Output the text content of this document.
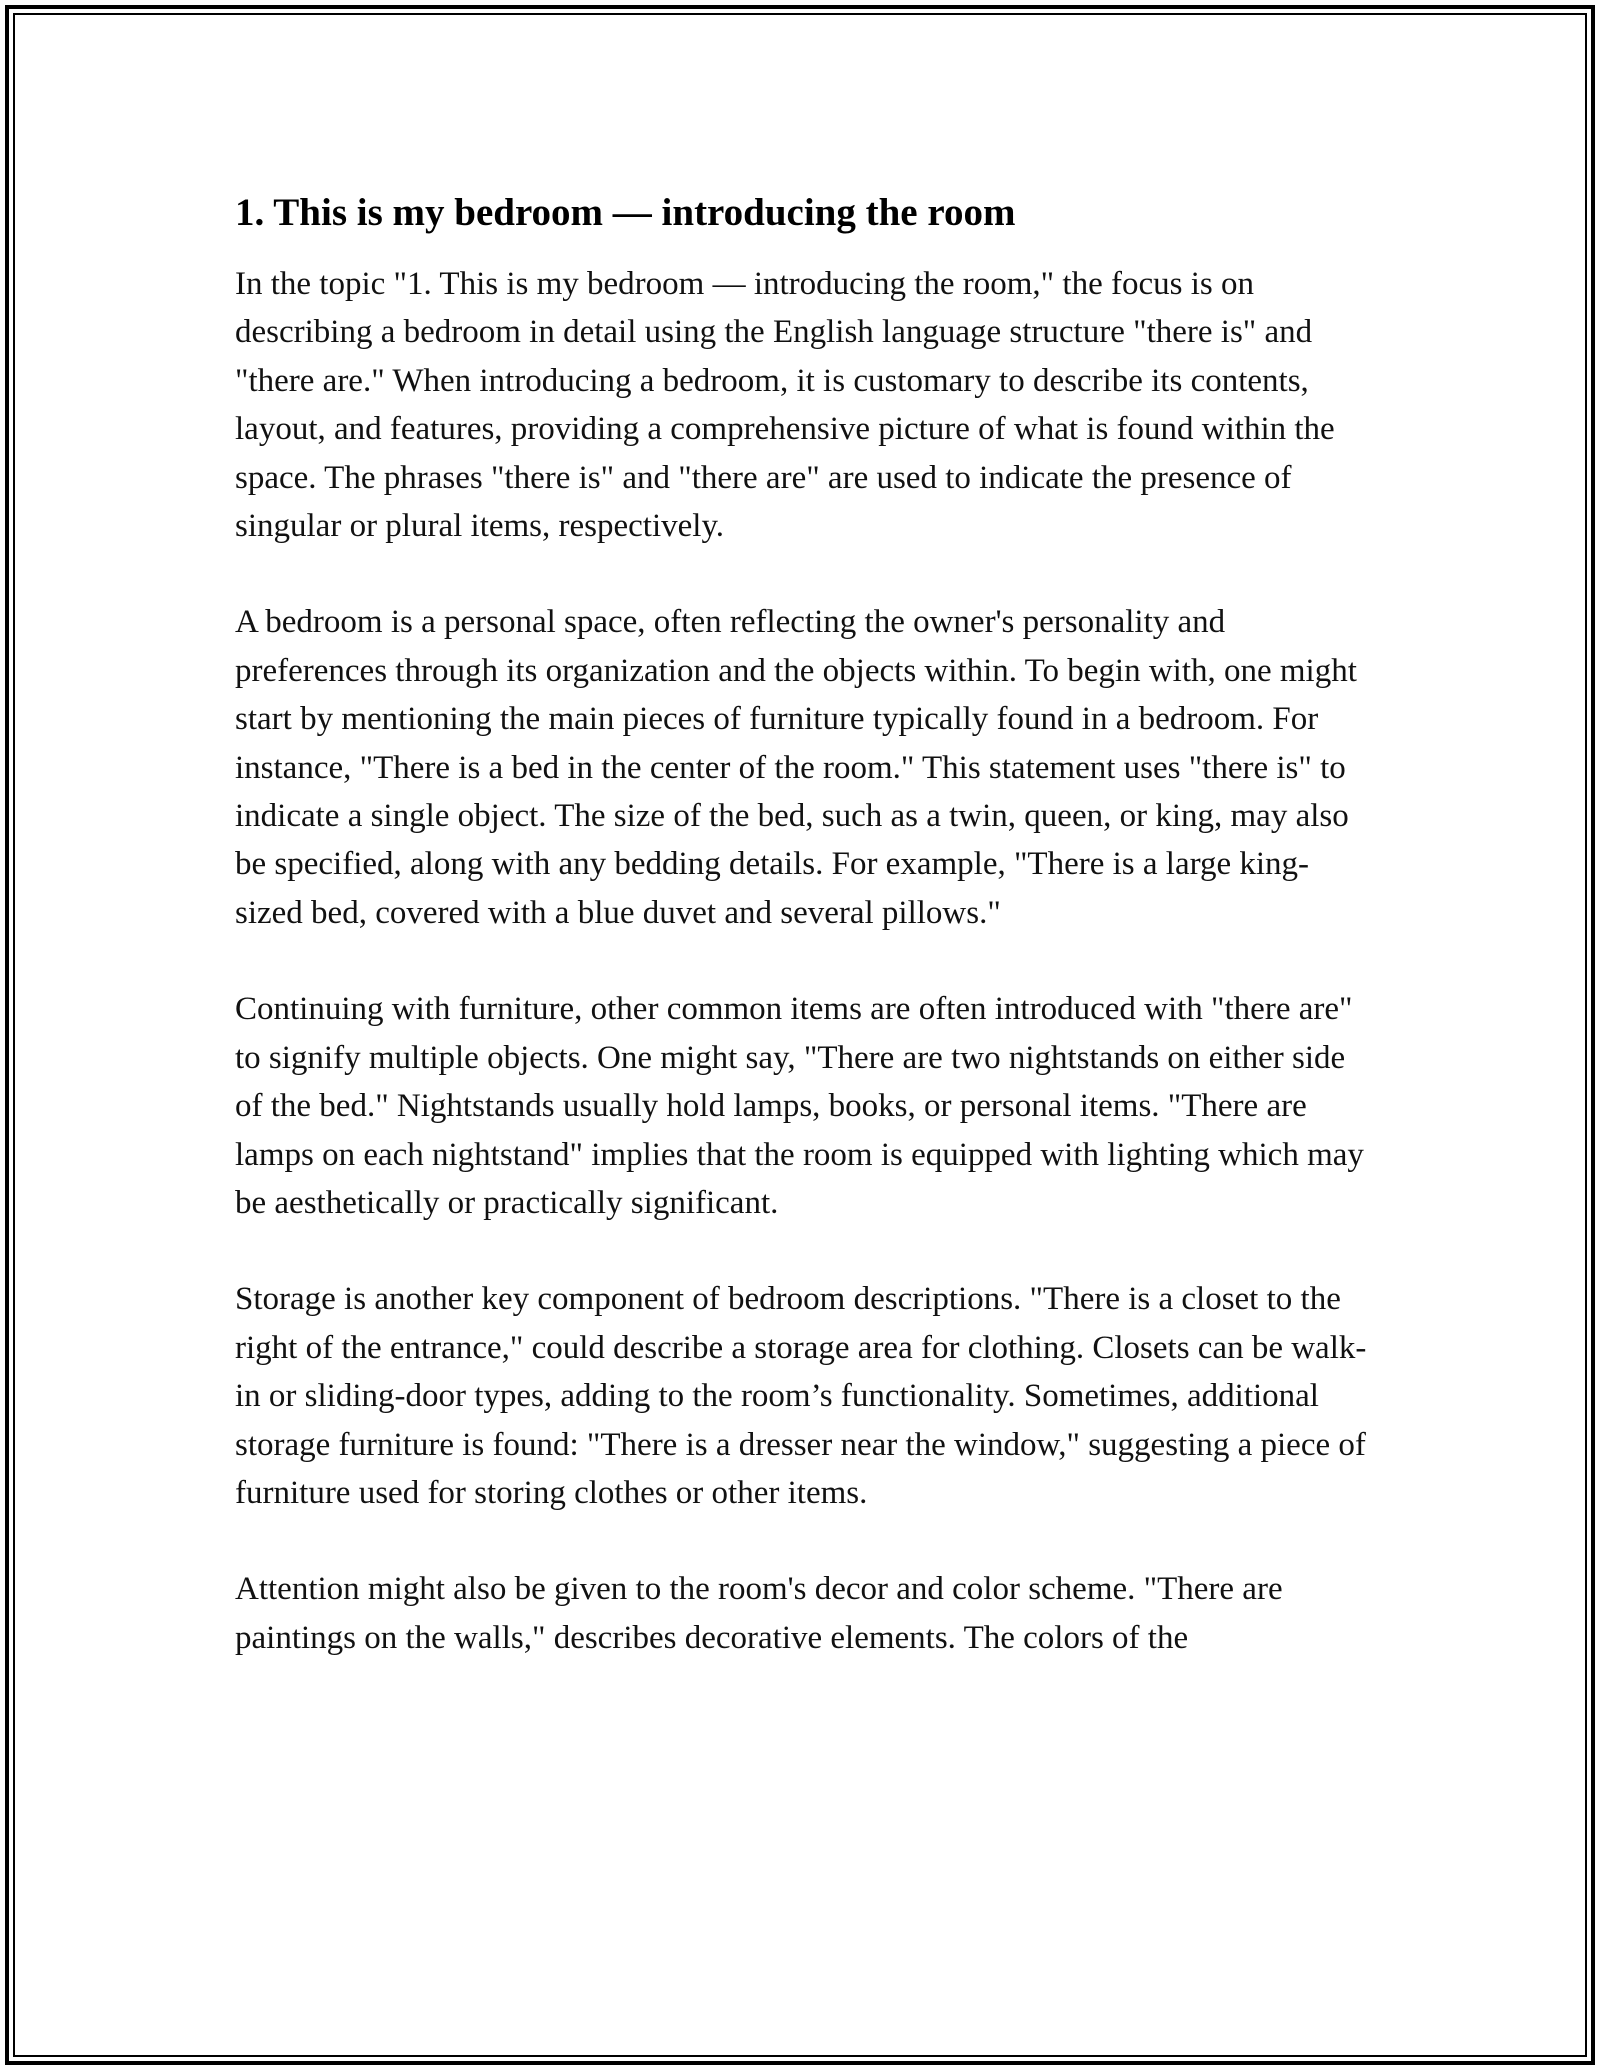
1. This is my bedroom — introducing the room

In the topic "1. This is my bedroom — introducing the room," the focus is on describing a bedroom in detail using the English language structure "there is" and "there are." When introducing a bedroom, it is customary to describe its contents, layout, and features, providing a comprehensive picture of what is found within the space. The phrases "there is" and "there are" are used to indicate the presence of singular or plural items, respectively.

A bedroom is a personal space, often reflecting the owner's personality and preferences through its organization and the objects within. To begin with, one might start by mentioning the main pieces of furniture typically found in a bedroom. For instance, "There is a bed in the center of the room." This statement uses "there is" to indicate a single object. The size of the bed, such as a twin, queen, or king, may also be specified, along with any bedding details. For example, "There is a large king-sized bed, covered with a blue duvet and several pillows."

Continuing with furniture, other common items are often introduced with "there are" to signify multiple objects. One might say, "There are two nightstands on either side of the bed." Nightstands usually hold lamps, books, or personal items. "There are lamps on each nightstand" implies that the room is equipped with lighting which may be aesthetically or practically significant.

Storage is another key component of bedroom descriptions. "There is a closet to the right of the entrance," could describe a storage area for clothing. Closets can be walk-in or sliding-door types, adding to the room’s functionality. Sometimes, additional storage furniture is found: "There is a dresser near the window," suggesting a piece of furniture used for storing clothes or other items.

Attention might also be given to the room's decor and color scheme. "There are paintings on the walls," describes decorative elements. The colors of the
